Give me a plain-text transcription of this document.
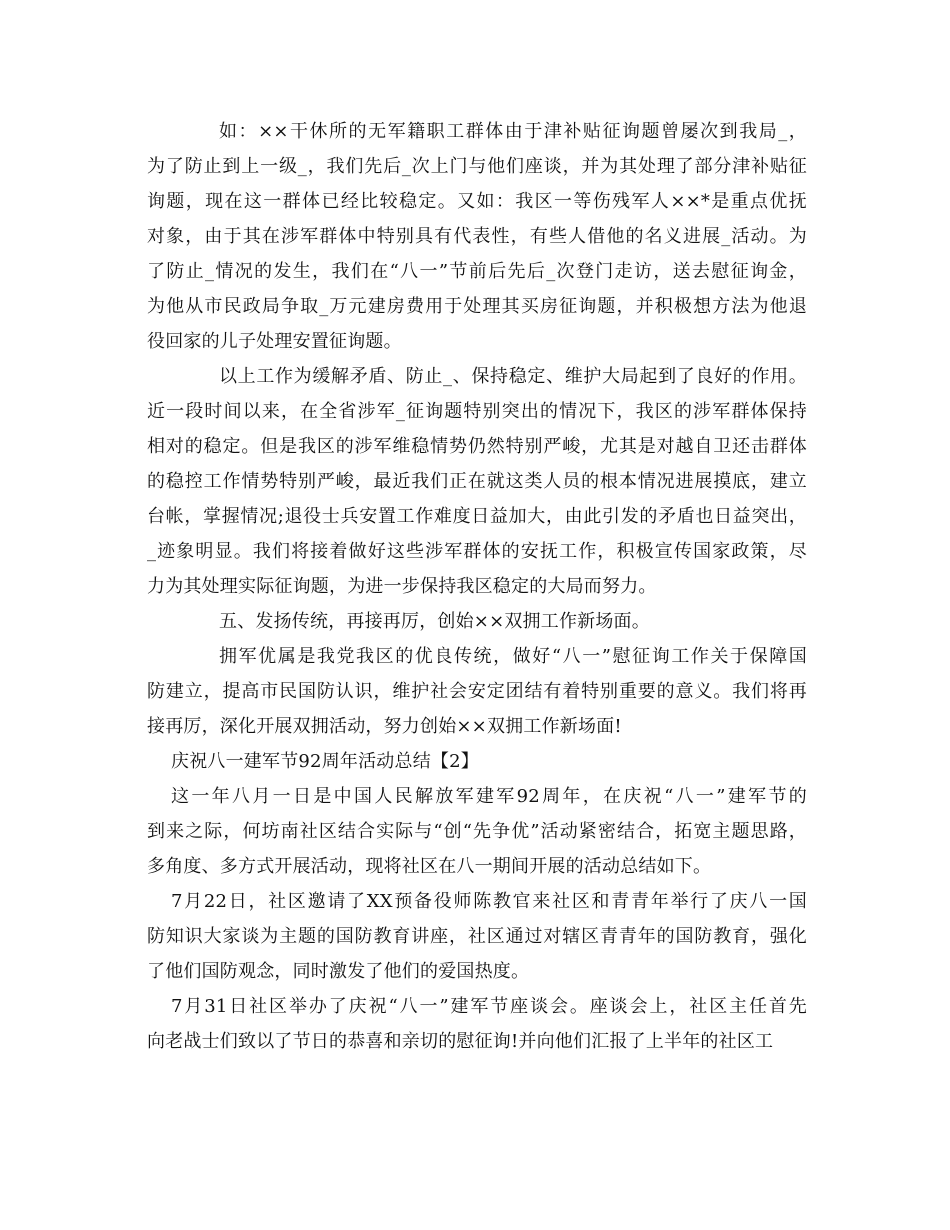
如：××干休所的无军籍职工群体由于津补贴征询题曾屡次到我局_，
为了防止到上一级_，我们先后_次上门与他们座谈，并为其处理了部分津补贴征
询题，现在这一群体已经比较稳定。又如：我区一等伤残军人××*是重点优抚
对象，由于其在涉军群体中特别具有代表性，有些人借他的名义进展_活动。为
了防止_情况的发生，我们在“八一”节前后先后_次登门走访，送去慰征询金，
为他从市民政局争取_万元建房费用于处理其买房征询题，并积极想方法为他退
役回家的儿子处理安置征询题。
以上工作为缓解矛盾、防止_、保持稳定、维护大局起到了良好的作用。
近一段时间以来，在全省涉军_征询题特别突出的情况下，我区的涉军群体保持
相对的稳定。但是我区的涉军维稳情势仍然特别严峻，尤其是对越自卫还击群体
的稳控工作情势特别严峻，最近我们正在就这类人员的根本情况进展摸底，建立
台帐，掌握情况;退役士兵安置工作难度日益加大，由此引发的矛盾也日益突出，
_迹象明显。我们将接着做好这些涉军群体的安抚工作，积极宣传国家政策，尽
力为其处理实际征询题，为进一步保持我区稳定的大局而努力。
五、发扬传统，再接再厉，创始××双拥工作新场面。
拥军优属是我党我区的优良传统，做好“八一”慰征询工作关于保障国
防建立，提高市民国防认识，维护社会安定团结有着特别重要的意义。我们将再
接再厉，深化开展双拥活动，努力创始××双拥工作新场面!
庆祝八一建军节92周年活动总结【2】
这一年八月一日是中国人民解放军建军92周年，在庆祝“八一”建军节的
到来之际，何坊南社区结合实际与“创“先争优”活动紧密结合，拓宽主题思路，
多角度、多方式开展活动，现将社区在八一期间开展的活动总结如下。
7月22日，社区邀请了XX预备役师陈教官来社区和青青年举行了庆八一国
防知识大家谈为主题的国防教育讲座，社区通过对辖区青青年的国防教育，强化
了他们国防观念，同时激发了他们的爱国热度。
7月31日社区举办了庆祝“八一”建军节座谈会。座谈会上，社区主任首先
向老战士们致以了节日的恭喜和亲切的慰征询!并向他们汇报了上半年的社区工
